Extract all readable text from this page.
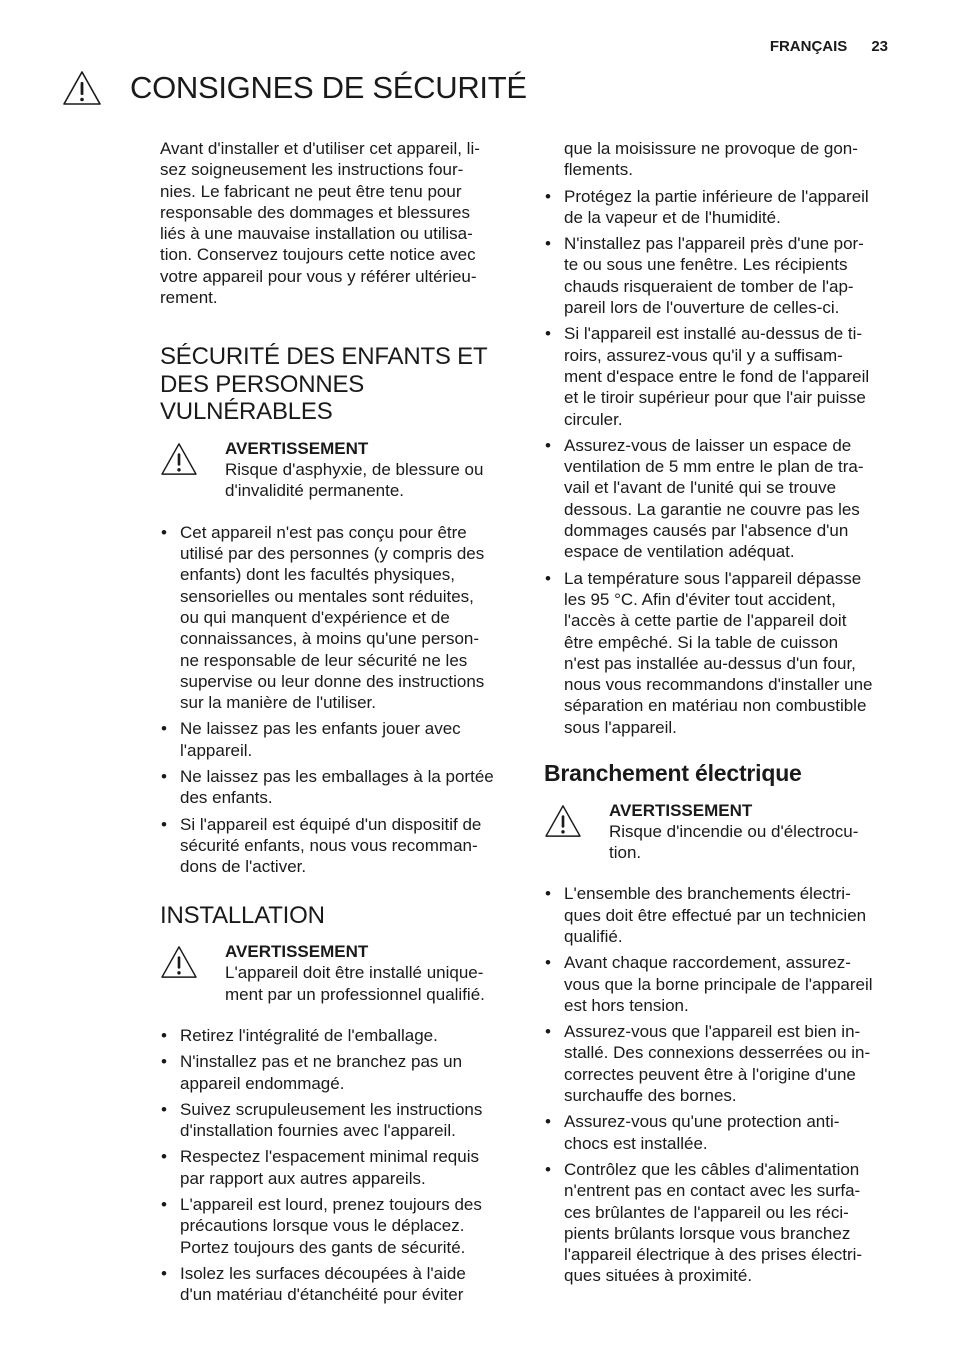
FRANÇAIS 23
CONSIGNES DE SÉCURITÉ

Avant d'installer et d'utiliser cet appareil, li-
sez soigneusement les instructions four-
nies. Le fabricant ne peut être tenu pour
responsable des dommages et blessures
liés à une mauvaise installation ou utilisa-
tion. Conservez toujours cette notice avec
votre appareil pour vous y référer ultérieu-
rement.

SÉCURITÉ DES ENFANTS ET
DES PERSONNES
VULNÉRABLES
AVERTISSEMENT
Risque d'asphyxie, de blessure ou
d'invalidité permanente.
• Cet appareil n'est pas conçu pour être
utilisé par des personnes (y compris des
enfants) dont les facultés physiques,
sensorielles ou mentales sont réduites,
ou qui manquent d'expérience et de
connaissances, à moins qu'une person-
ne responsable de leur sécurité ne les
supervise ou leur donne des instructions
sur la manière de l'utiliser.
• Ne laissez pas les enfants jouer avec
l'appareil.
• Ne laissez pas les emballages à la portée
des enfants.
• Si l'appareil est équipé d'un dispositif de
sécurité enfants, nous vous recomman-
dons de l'activer.
INSTALLATION
AVERTISSEMENT
L'appareil doit être installé unique-
ment par un professionnel qualifié.
• Retirez l'intégralité de l'emballage.
• N'installez pas et ne branchez pas un
appareil endommagé.
• Suivez scrupuleusement les instructions
d'installation fournies avec l'appareil.
• Respectez l'espacement minimal requis
par rapport aux autres appareils.
• L'appareil est lourd, prenez toujours des
précautions lorsque vous le déplacez.
Portez toujours des gants de sécurité.
• Isolez les surfaces découpées à l'aide
d'un matériau d'étanchéité pour éviter
que la moisissure ne provoque de gon-
flements.
• Protégez la partie inférieure de l'appareil
de la vapeur et de l'humidité.
• N'installez pas l'appareil près d'une por-
te ou sous une fenêtre. Les récipients
chauds risqueraient de tomber de l'ap-
pareil lors de l'ouverture de celles-ci.
• Si l'appareil est installé au-dessus de ti-
roirs, assurez-vous qu'il y a suffisam-
ment d'espace entre le fond de l'appareil
et le tiroir supérieur pour que l'air puisse
circuler.
• Assurez-vous de laisser un espace de
ventilation de 5 mm entre le plan de tra-
vail et l'avant de l'unité qui se trouve
dessous. La garantie ne couvre pas les
dommages causés par l'absence d'un
espace de ventilation adéquat.
• La température sous l'appareil dépasse
les 95 °C. Afin d'éviter tout accident,
l'accès à cette partie de l'appareil doit
être empêché. Si la table de cuisson
n'est pas installée au-dessus d'un four,
nous vous recommandons d'installer une
séparation en matériau non combustible
sous l'appareil.
Branchement électrique
AVERTISSEMENT
Risque d'incendie ou d'électrocu-
tion.
• L'ensemble des branchements électri-
ques doit être effectué par un technicien
qualifié.
• Avant chaque raccordement, assurez-
vous que la borne principale de l'appareil
est hors tension.
• Assurez-vous que l'appareil est bien in-
stallé. Des connexions desserrées ou in-
correctes peuvent être à l'origine d'une
surchauffe des bornes.
• Assurez-vous qu'une protection anti-
chocs est installée.
• Contrôlez que les câbles d'alimentation
n'entrent pas en contact avec les surfa-
ces brûlantes de l'appareil ou les réci-
pients brûlants lorsque vous branchez
l'appareil électrique à des prises électri-
ques situées à proximité.
